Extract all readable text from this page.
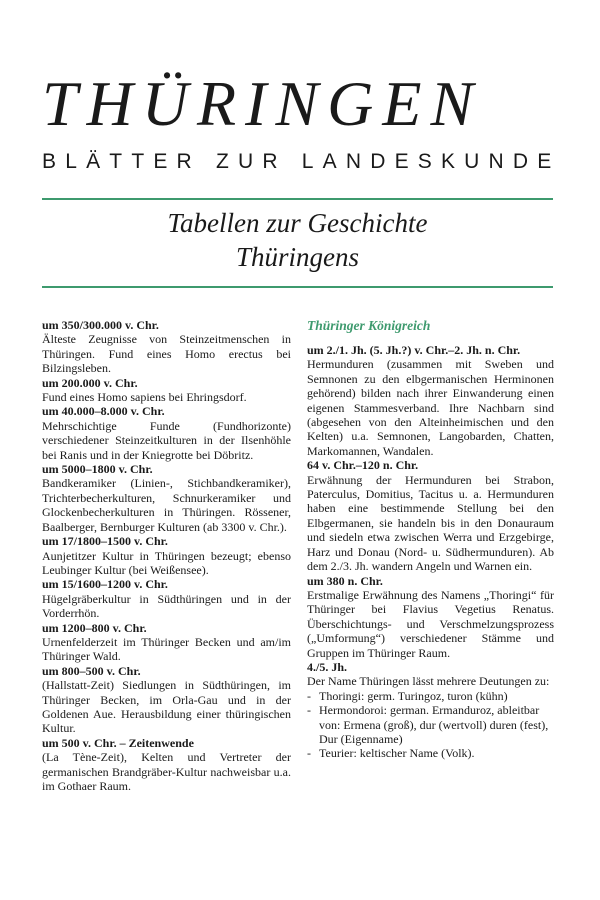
THÜRINGEN
BLÄTTER ZUR LANDESKUNDE
Tabellen zur Geschichte
Thüringens
um 350/300.000 v. Chr.
Älteste Zeugnisse von Steinzeitmenschen in Thüringen. Fund eines Homo erectus bei Bilzingsleben.
um 200.000 v. Chr.
Fund eines Homo sapiens bei Ehringsdorf.
um 40.000–8.000 v. Chr.
Mehrschichtige Funde (Fundhorizonte) verschiedener Steinzeitkulturen in der Ilsenhöhle bei Ranis und in der Kniegrotte bei Döbritz.
um 5000–1800 v. Chr.
Bandkeramiker (Linien-, Stichbandkeramiker), Trichterbecherkulturen, Schnurkeramiker und Glockenbecherkulturen in Thüringen. Rössener, Baalberger, Bernburger Kulturen (ab 3300 v. Chr.).
um 17/1800–1500 v. Chr.
Aunjetitzer Kultur in Thüringen bezeugt; ebenso Leubinger Kultur (bei Weißensee).
um 15/1600–1200 v. Chr.
Hügelgräberkultur in Südthüringen und in der Vorderrhön.
um 1200–800 v. Chr.
Urnenfelderzeit im Thüringer Becken und am/im Thüringer Wald.
um 800–500 v. Chr.
(Hallstatt-Zeit) Siedlungen in Südthüringen, im Thüringer Becken, im Orla-Gau und in der Goldenen Aue. Herausbildung einer thüringischen Kultur.
um 500 v. Chr. – Zeitenwende
(La Tène-Zeit), Kelten und Vertreter der germanischen Brandgräber-Kultur nachweisbar u.a. im Gothaer Raum.
Thüringer Königreich
um 2./1. Jh. (5. Jh.?) v. Chr.–2. Jh. n. Chr.
Hermunduren (zusammen mit Sweben und Semnonen zu den elbgermanischen Herminonen gehörend) bilden nach ihrer Einwanderung einen eigenen Stammesverband. Ihre Nachbarn sind (abgesehen von den Alteinheimischen und den Kelten) u.a. Semnonen, Langobarden, Chatten, Markomannen, Wandalen.
64 v. Chr.–120 n. Chr.
Erwähnung der Hermunduren bei Strabon, Paterculus, Domitius, Tacitus u. a. Hermunduren haben eine bestimmende Stellung bei den Elbgermanen, sie handeln bis in den Donauraum und siedeln etwa zwischen Werra und Erzgebirge, Harz und Donau (Nord- u. Südhermunduren). Ab dem 2./3. Jh. wandern Angeln und Warnen ein.
um 380 n. Chr.
Erstmalige Erwähnung des Namens „Thoringi“ für Thüringer bei Flavius Vegetius Renatus. Überschichtungs- und Verschmelzungsprozess („Umformung“) verschiedener Stämme und Gruppen im Thüringer Raum.
4./5. Jh.
Der Name Thüringen lässt mehrere Deutungen zu:
- Thoringi: germ. Turingoz, turon (kühn)
- Hermondoroi: german. Ermanduroz, ableitbar von: Ermena (groß), dur (wertvoll) duren (fest), Dur (Eigenname)
- Teurier: keltischer Name (Volk).
